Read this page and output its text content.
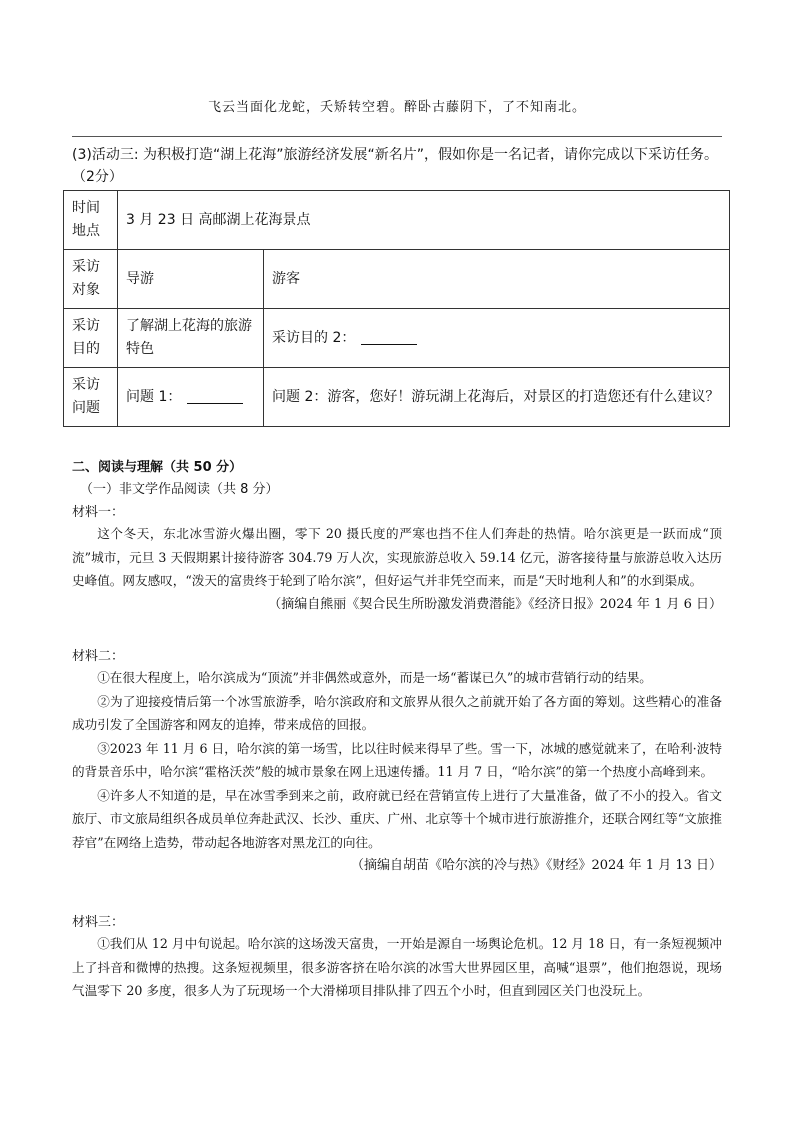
飞云当面化龙蛇，夭矫转空碧。醉卧古藤阴下，了不知南北。
(3)活动三: 为积极打造“湖上花海”旅游经济发展“新名片”，假如你是一名记者，请你完成以下采访任务。（2分）
时间地点	3 月 23 日 高邮湖上花海景点	
采访对象	导游	游客
采访目的	了解湖上花海的旅游特色	采访目的 2：
采访问题	问题 1：	问题 2：游客，您好！游玩湖上花海后，对景区的打造您还有什么建议？
二、阅读与理解（共 50 分）
（一）非文学作品阅读（共 8 分）
材料一：

这个冬天，东北冰雪游火爆出圈，零下 20 摄氏度的严寒也挡不住人们奔赴的热情。哈尔滨更是一跃而成“顶流”城市，元旦 3 天假期累计接待游客 304.79 万人次，实现旅游总收入 59.14 亿元，游客接待量与旅游总收入达历史峰值。网友感叹，“泼天的富贵终于轮到了哈尔滨”，但好运气并非凭空而来，而是“天时地利人和”的水到渠成。

（摘编自熊丽《契合民生所盼激发消费潜能》《经济日报》2024 年 1 月 6 日）
材料二：

①在很大程度上，哈尔滨成为“顶流”并非偶然或意外，而是一场“蓄谋已久”的城市营销行动的结果。

②为了迎接疫情后第一个冰雪旅游季，哈尔滨政府和文旅界从很久之前就开始了各方面的筹划。这些精心的准备成功引发了全国游客和网友的追捧，带来成倍的回报。

③2023 年 11 月 6 日，哈尔滨的第一场雪，比以往时候来得早了些。雪一下，冰城的感觉就来了，在哈利·波特的背景音乐中，哈尔滨“霍格沃茨”般的城市景象在网上迅速传播。11 月 7 日，“哈尔滨”的第一个热度小高峰到来。

④许多人不知道的是，早在冰雪季到来之前，政府就已经在营销宣传上进行了大量准备，做了不小的投入。省文旅厅、市文旅局组织各成员单位奔赴武汉、长沙、重庆、广州、北京等十个城市进行旅游推介，还联合网红等“文旅推荐官”在网络上造势，带动起各地游客对黑龙江的向往。

（摘编自胡苗《哈尔滨的冷与热》《财经》2024 年 1 月 13 日）
材料三：

①我们从 12 月中旬说起。哈尔滨的这场泼天富贵，一开始是源自一场舆论危机。12 月 18 日，有一条短视频冲上了抖音和微博的热搜。这条短视频里，很多游客挤在哈尔滨的冰雪大世界园区里，高喊“退票”，他们抱怨说，现场气温零下 20 多度，很多人为了玩现场一个大滑梯项目排队排了四五个小时，但直到园区关门也没玩上。
